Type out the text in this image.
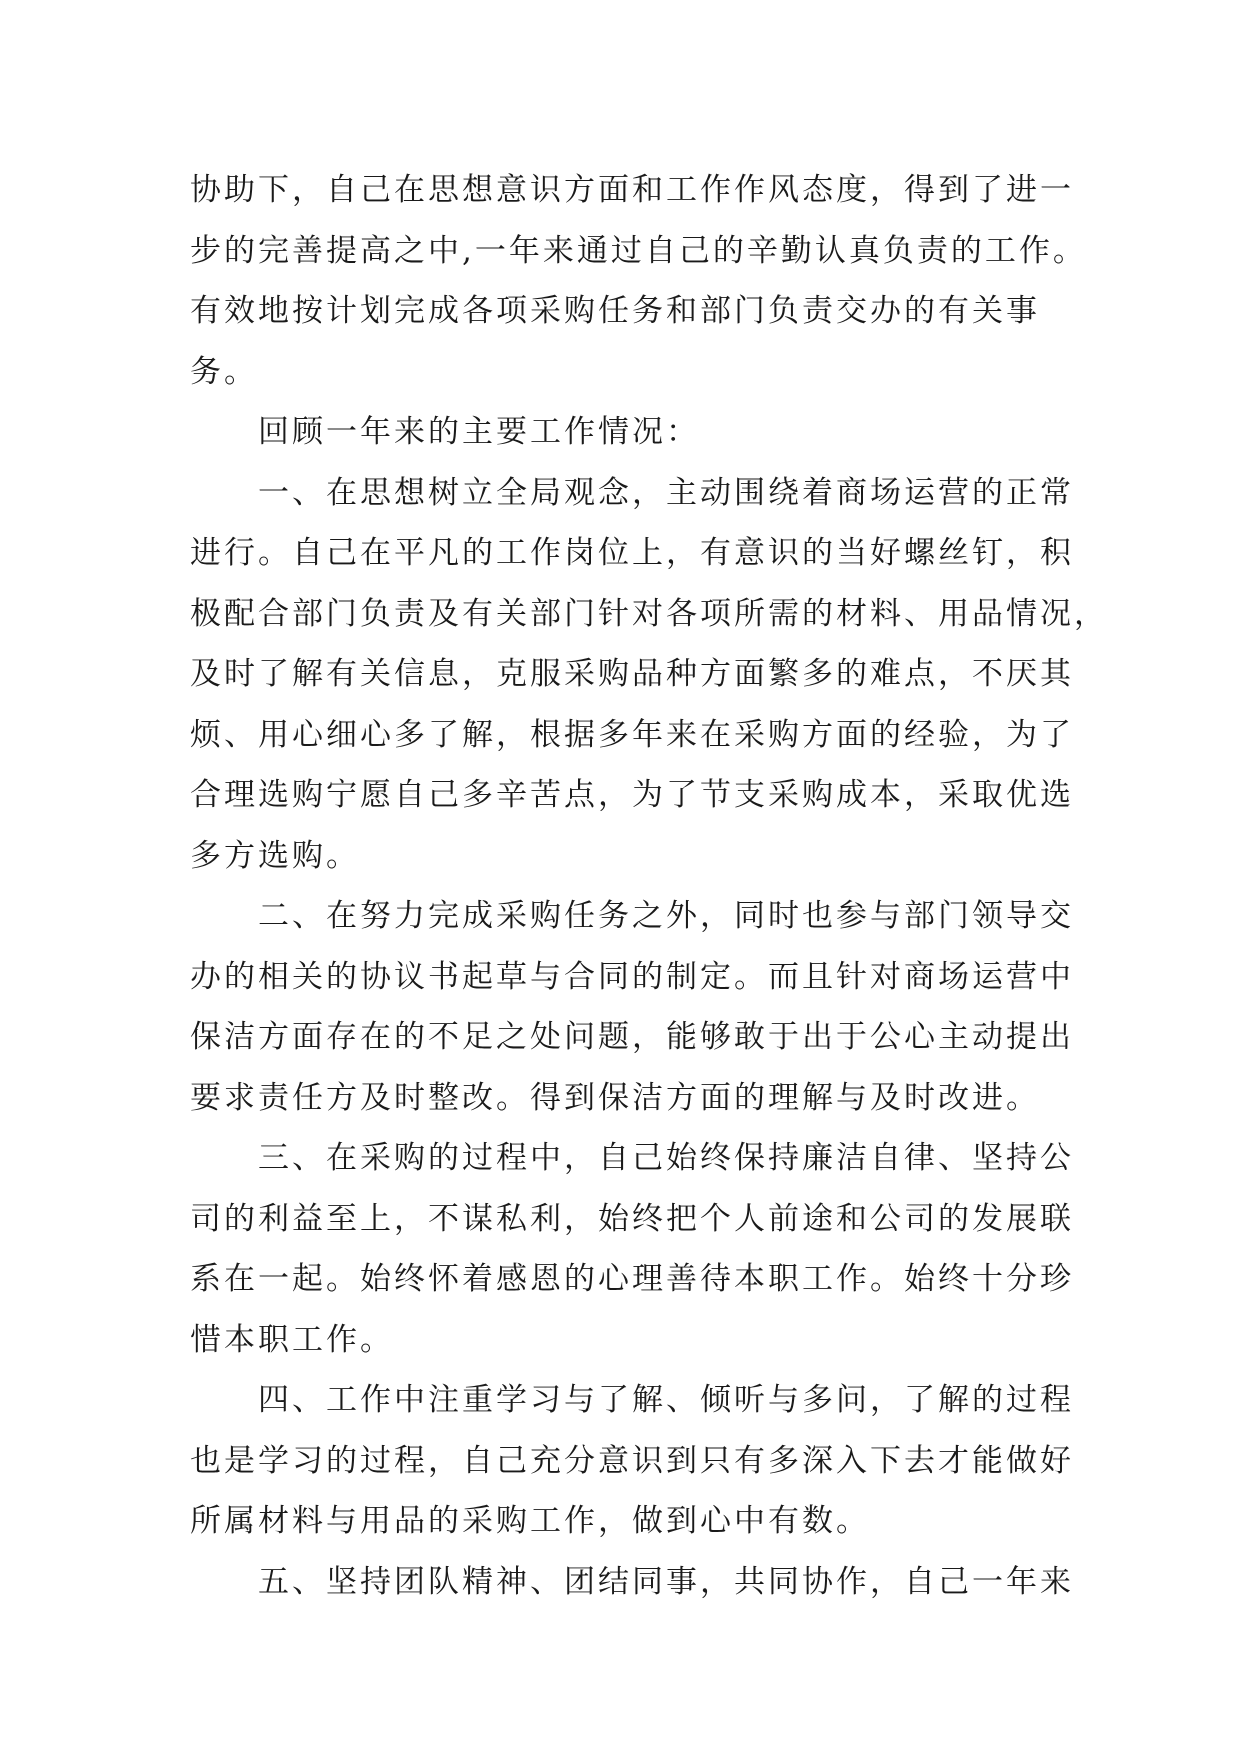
协助下，自己在思想意识方面和工作作风态度，得到了进一
步的完善提高之中,一年来通过自己的辛勤认真负责的工作。
有效地按计划完成各项采购任务和部门负责交办的有关事
务。
回顾一年来的主要工作情况：
一、在思想树立全局观念，主动围绕着商场运营的正常
进行。自己在平凡的工作岗位上，有意识的当好螺丝钉，积
极配合部门负责及有关部门针对各项所需的材料、用品情况，
及时了解有关信息，克服采购品种方面繁多的难点，不厌其
烦、用心细心多了解，根据多年来在采购方面的经验，为了
合理选购宁愿自己多辛苦点，为了节支采购成本，采取优选
多方选购。
二、在努力完成采购任务之外，同时也参与部门领导交
办的相关的协议书起草与合同的制定。而且针对商场运营中
保洁方面存在的不足之处问题，能够敢于出于公心主动提出
要求责任方及时整改。得到保洁方面的理解与及时改进。
三、在采购的过程中，自己始终保持廉洁自律、坚持公
司的利益至上，不谋私利，始终把个人前途和公司的发展联
系在一起。始终怀着感恩的心理善待本职工作。始终十分珍
惜本职工作。
四、工作中注重学习与了解、倾听与多问，了解的过程
也是学习的过程，自己充分意识到只有多深入下去才能做好
所属材料与用品的采购工作，做到心中有数。
五、坚持团队精神、团结同事，共同协作，自己一年来
